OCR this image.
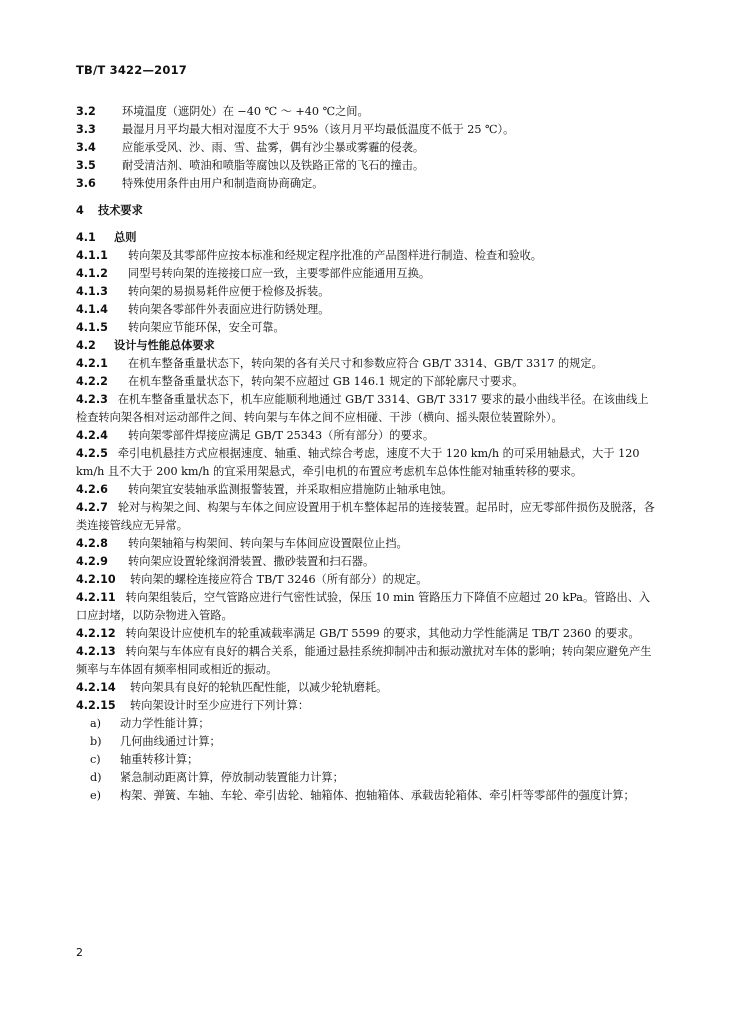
TB/T 3422—2017
3.2	环境温度（遮阴处）在 −40 ℃ ～ +40 ℃之间。
3.3	最湿月月平均最大相对湿度不大于 95%（该月月平均最低温度不低于 25 ℃）。
3.4	应能承受风、沙、雨、雪、盐雾，偶有沙尘暴或雾霾的侵袭。
3.5	耐受清洁剂、喷油和喷脂等腐蚀以及铁路正常的飞石的撞击。
3.6	特殊使用条件由用户和制造商协商确定。
4	技术要求
4.1	总则
4.1.1	转向架及其零部件应按本标准和经规定程序批准的产品图样进行制造、检查和验收。
4.1.2	同型号转向架的连接接口应一致，主要零部件应能通用互换。
4.1.3	转向架的易损易耗件应便于检修及拆装。
4.1.4	转向架各零部件外表面应进行防锈处理。
4.1.5	转向架应节能环保，安全可靠。
4.2	设计与性能总体要求
4.2.1	在机车整备重量状态下，转向架的各有关尺寸和参数应符合 GB/T 3314、GB/T 3317 的规定。
4.2.2	在机车整备重量状态下，转向架不应超过 GB 146.1 规定的下部轮廓尺寸要求。
4.2.3 在机车整备重量状态下，机车应能顺利地通过 GB/T 3314、GB/T 3317 要求的最小曲线半径。在该曲线上检查转向架各相对运动部件之间、转向架与车体之间不应相碰、干涉（横向、摇头限位装置除外）。
4.2.4	转向架零部件焊接应满足 GB/T 25343（所有部分）的要求。
4.2.5 牵引电机悬挂方式应根据速度、轴重、轴式综合考虑，速度不大于 120 km/h 的可采用轴悬式，大于 120 km/h 且不大于 200 km/h 的宜采用架悬式，牵引电机的布置应考虑机车总体性能对轴重转移的要求。
4.2.6	转向架宜安装轴承监测报警装置，并采取相应措施防止轴承电蚀。
4.2.7 轮对与构架之间、构架与车体之间应设置用于机车整体起吊的连接装置。起吊时，应无零部件损伤及脱落，各类连接管线应无异常。
4.2.8	转向架轴箱与构架间、转向架与车体间应设置限位止挡。
4.2.9	转向架应设置轮缘润滑装置、撒砂装置和扫石器。
4.2.10	转向架的螺栓连接应符合 TB/T 3246（所有部分）的规定。
4.2.11 转向架组装后，空气管路应进行气密性试验，保压 10 min 管路压力下降值不应超过 20 kPa。管路出、入口应封堵，以防杂物进入管路。
4.2.12 转向架设计应使机车的轮重减载率满足 GB/T 5599 的要求，其他动力学性能满足 TB/T 2360 的要求。
4.2.13 转向架与车体应有良好的耦合关系，能通过悬挂系统抑制冲击和振动激扰对车体的影响；转向架应避免产生频率与车体固有频率相同或相近的振动。
4.2.14	转向架具有良好的轮轨匹配性能，以减少轮轨磨耗。
4.2.15	转向架设计时至少应进行下列计算：
a)	动力学性能计算；
b)	几何曲线通过计算；
c)	轴重转移计算；
d)	紧急制动距离计算，停放制动装置能力计算；
e)	构架、弹簧、车轴、车轮、牵引齿轮、轴箱体、抱轴箱体、承载齿轮箱体、牵引杆等零部件的强度计算；
2
